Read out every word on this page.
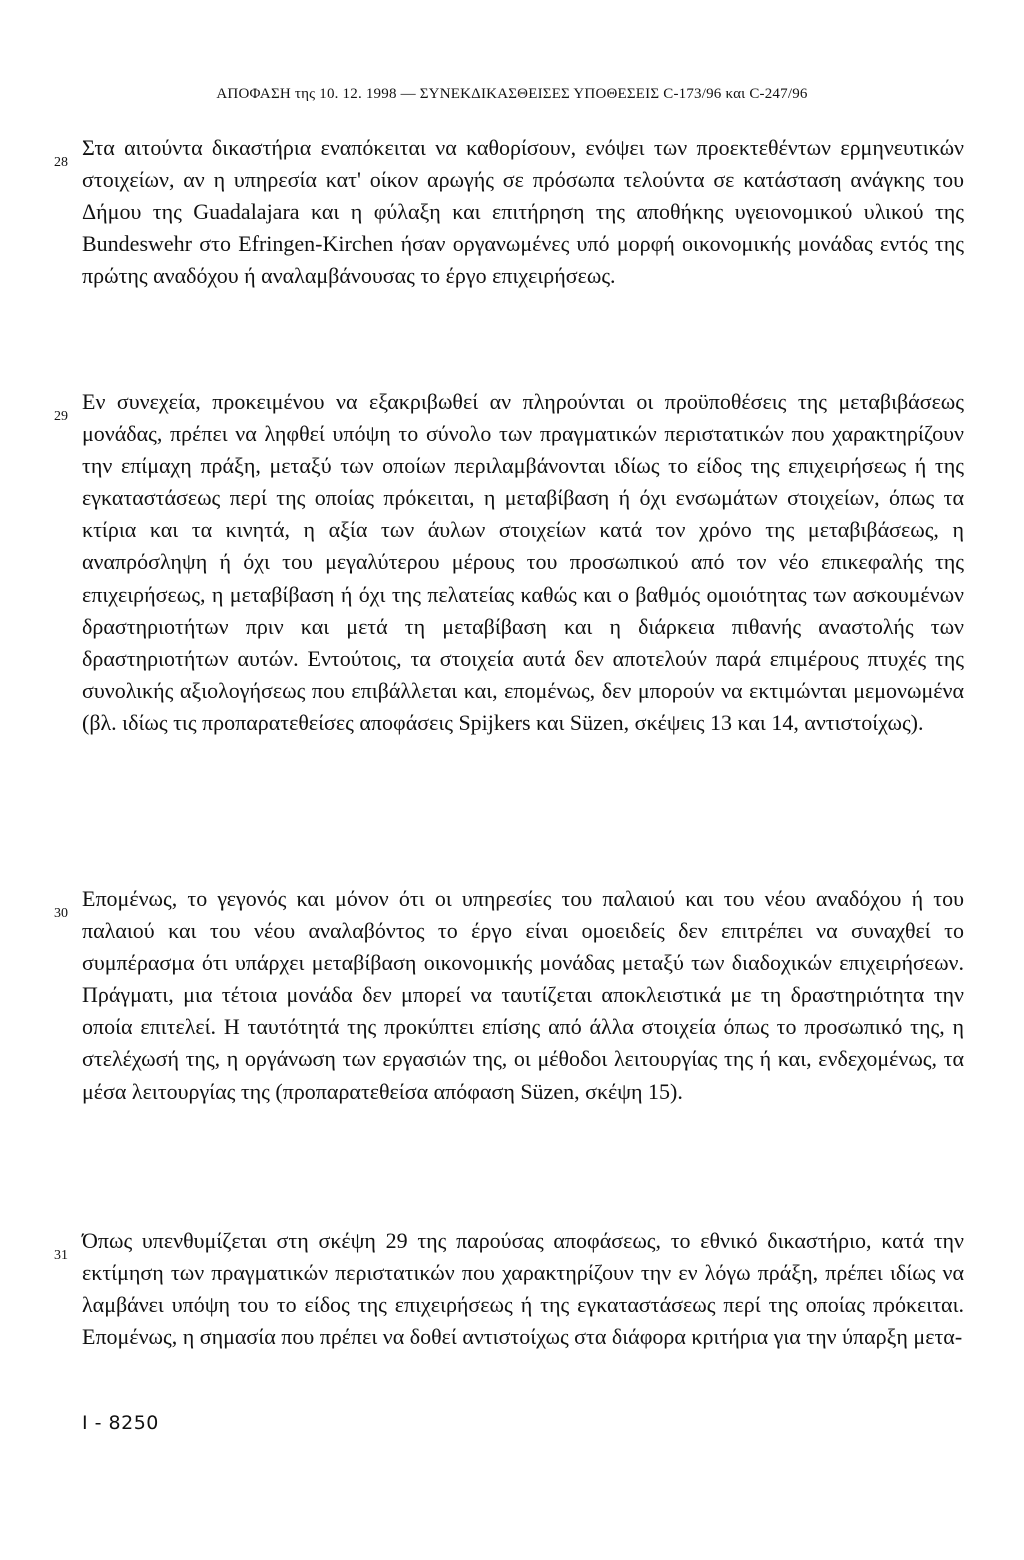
ΑΠΟΦΑΣΗ της 10. 12. 1998 — ΣΥΝΕΚΔΙΚΑΣΘΕΙΣΕΣ ΥΠΟΘΕΣΕΙΣ C-173/96 και C-247/96
28
Στα αιτούντα δικαστήρια εναπόκειται να καθορίσουν, ενόψει των προεκτεθέντων ερμηνευτικών στοιχείων, αν η υπηρεσία κατ' οίκον αρωγής σε πρόσωπα τελούντα σε κατάσταση ανάγκης του Δήμου της Guadalajara και η φύλαξη και επιτήρηση της αποθήκης υγειονομικού υλικού της Bundeswehr στο Efringen-Kirchen ήσαν οργανωμένες υπό μορφή οικονομικής μονάδας εντός της πρώτης αναδόχου ή αναλαμβάνουσας το έργο επιχειρήσεως.
29
Εν συνεχεία, προκειμένου να εξακριβωθεί αν πληρούνται οι προϋποθέσεις της μεταβιβάσεως μονάδας, πρέπει να ληφθεί υπόψη το σύνολο των πραγματικών περιστατικών που χαρακτηρίζουν την επίμαχη πράξη, μεταξύ των οποίων περιλαμβάνονται ιδίως το είδος της επιχειρήσεως ή της εγκαταστάσεως περί της οποίας πρόκειται, η μεταβίβαση ή όχι ενσωμάτων στοιχείων, όπως τα κτίρια και τα κινητά, η αξία των άυλων στοιχείων κατά τον χρόνο της μεταβιβάσεως, η αναπρόσληψη ή όχι του μεγαλύτερου μέρους του προσωπικού από τον νέο επικεφαλής της επιχειρήσεως, η μεταβίβαση ή όχι της πελατείας καθώς και ο βαθμός ομοιότητας των ασκουμένων δραστηριοτήτων πριν και μετά τη μεταβίβαση και η διάρκεια πιθανής αναστολής των δραστηριοτήτων αυτών. Εντούτοις, τα στοιχεία αυτά δεν αποτελούν παρά επιμέρους πτυχές της συνολικής αξιολογήσεως που επιβάλλεται και, επομένως, δεν μπορούν να εκτιμώνται μεμονωμένα (βλ. ιδίως τις προπαρατεθείσες αποφάσεις Spijkers και Süzen, σκέψεις 13 και 14, αντιστοίχως).
30
Επομένως, το γεγονός και μόνον ότι οι υπηρεσίες του παλαιού και του νέου αναδόχου ή του παλαιού και του νέου αναλαβόντος το έργο είναι ομοειδείς δεν επιτρέπει να συναχθεί το συμπέρασμα ότι υπάρχει μεταβίβαση οικονομικής μονάδας μεταξύ των διαδοχικών επιχειρήσεων. Πράγματι, μια τέτοια μονάδα δεν μπορεί να ταυτίζεται αποκλειστικά με τη δραστηριότητα την οποία επιτελεί. Η ταυτότητά της προκύπτει επίσης από άλλα στοιχεία όπως το προσωπικό της, η στελέχωσή της, η οργάνωση των εργασιών της, οι μέθοδοι λειτουργίας της ή και, ενδεχομένως, τα μέσα λειτουργίας της (προπαρατεθείσα απόφαση Süzen, σκέψη 15).
31
Όπως υπενθυμίζεται στη σκέψη 29 της παρούσας αποφάσεως, το εθνικό δικαστήριο, κατά την εκτίμηση των πραγματικών περιστατικών που χαρακτηρίζουν την εν λόγω πράξη, πρέπει ιδίως να λαμβάνει υπόψη του το είδος της επιχειρήσεως ή της εγκαταστάσεως περί της οποίας πρόκειται. Επομένως, η σημασία που πρέπει να δοθεί αντιστοίχως στα διάφορα κριτήρια για την ύπαρξη μετα-
I - 8250
